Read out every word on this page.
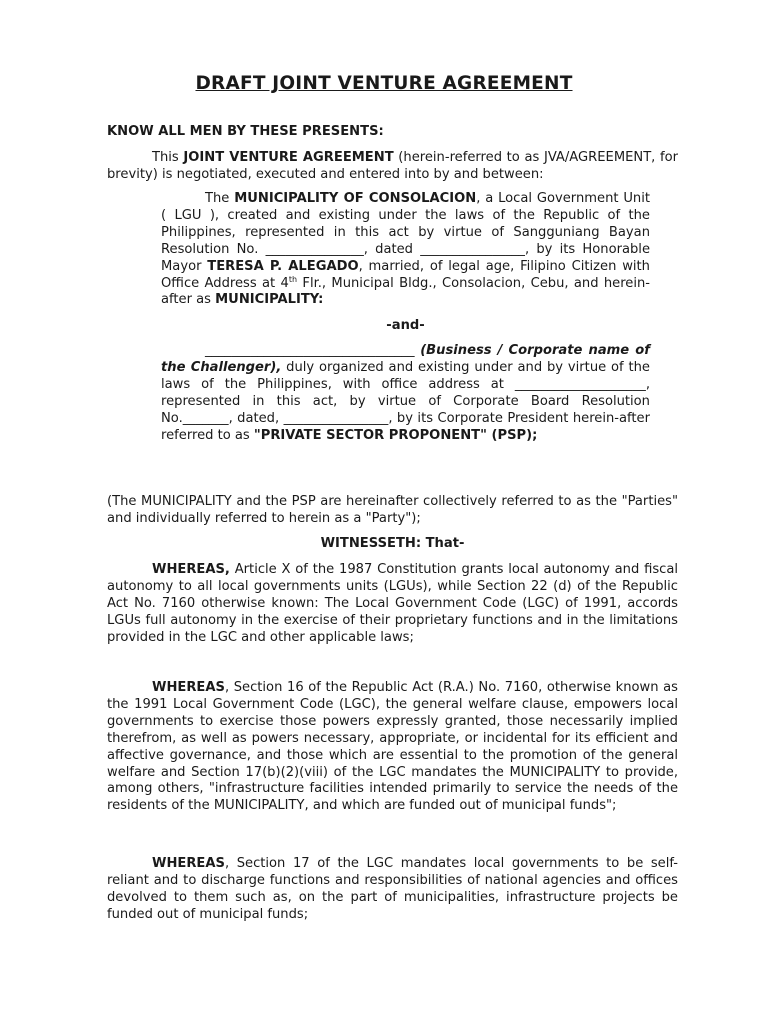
DRAFT JOINT VENTURE AGREEMENT

KNOW ALL MEN BY THESE PRESENTS:

This JOINT VENTURE AGREEMENT (herein-referred to as JVA/AGREEMENT, for brevity) is negotiated, executed and entered into by and between:

The MUNICIPALITY OF CONSOLACION, a Local Government Unit ( LGU ), created and existing under the laws of the Republic of the Philippines, represented in this act by virtue of Sangguniang Bayan Resolution No. _______________, dated ________________, by its Honorable Mayor TERESA P. ALEGADO, married, of legal age, Filipino Citizen with Office Address at 4th Flr., Municipal Bldg., Consolacion, Cebu, and herein-after as MUNICIPALITY:

-and-

________________________________ (Business / Corporate name of the Challenger), duly organized and existing under and by virtue of the laws of the Philippines, with office address at ____________________, represented in this act, by virtue of Corporate Board Resolution No._______, dated, ________________, by its Corporate President herein-after referred to as "PRIVATE SECTOR PROPONENT" (PSP);

(The MUNICIPALITY and the PSP are hereinafter collectively referred to as the "Parties" and individually referred to herein as a "Party");

WITNESSETH: That-

WHEREAS, Article X of the 1987 Constitution grants local autonomy and fiscal autonomy to all local governments units (LGUs), while Section 22 (d) of the Republic Act No. 7160 otherwise known: The Local Government Code (LGC) of 1991, accords LGUs full autonomy in the exercise of their proprietary functions and in the limitations provided in the LGC and other applicable laws;

WHEREAS, Section 16 of the Republic Act (R.A.) No. 7160, otherwise known as the 1991 Local Government Code (LGC), the general welfare clause, empowers local governments to exercise those powers expressly granted, those necessarily implied therefrom, as well as powers necessary, appropriate, or incidental for its efficient and affective governance, and those which are essential to the promotion of the general welfare and Section 17(b)(2)(viii) of the LGC mandates the MUNICIPALITY to provide, among others, "infrastructure facilities intended primarily to service the needs of the residents of the MUNICIPALITY, and which are funded out of municipal funds";

WHEREAS, Section 17 of the LGC mandates local governments to be self-reliant and to discharge functions and responsibilities of national agencies and offices devolved to them such as, on the part of municipalities, infrastructure projects be funded out of municipal funds;
